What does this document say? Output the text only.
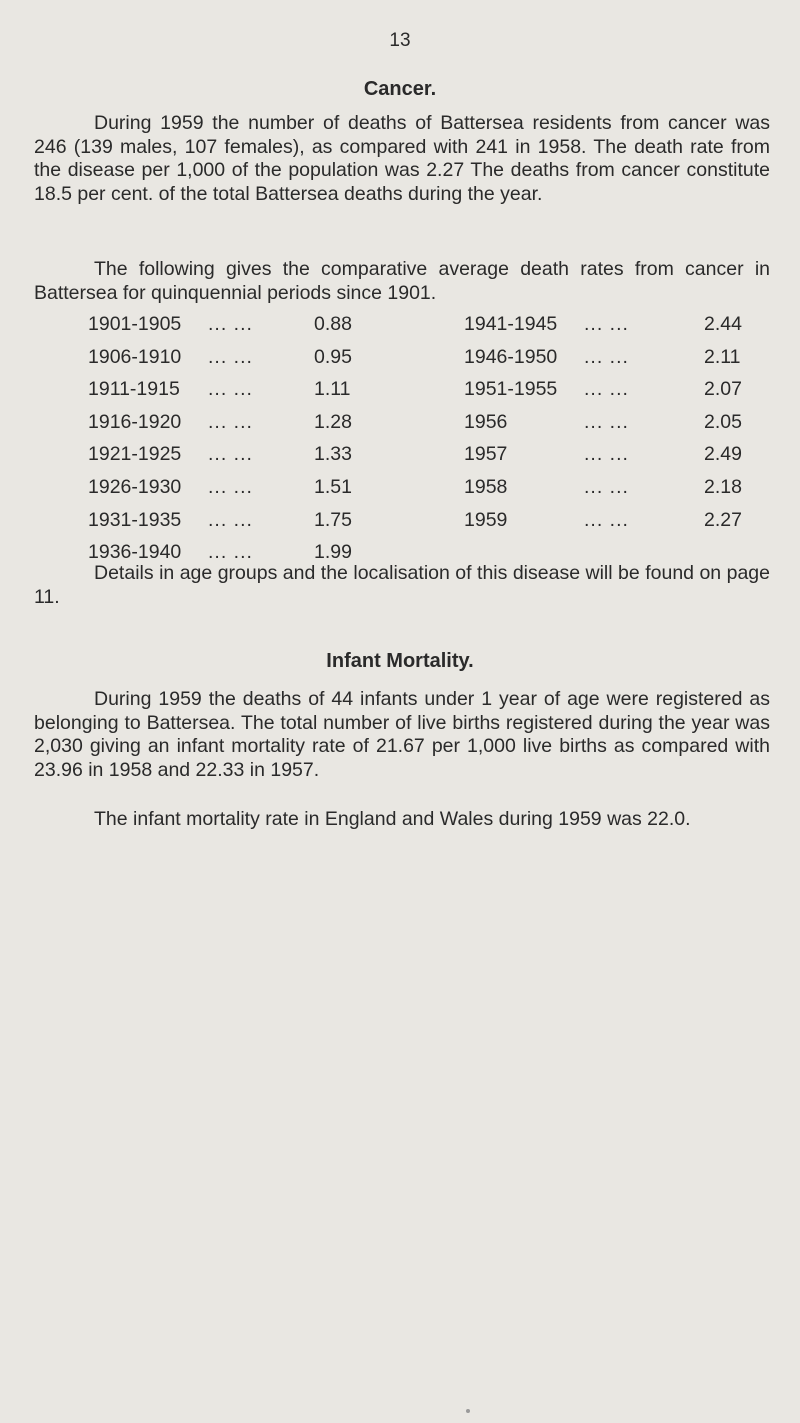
13
Cancer.

During 1959 the number of deaths of Battersea residents from cancer was 246 (139 males, 107 females), as compared with 241 in 1958. The death rate from the disease per 1,000 of the population was 2.27 The deaths from cancer constitute 18.5 per cent. of the total Battersea deaths during the year.

The following gives the comparative average death rates from cancer in Battersea for quinquennial periods since 1901.

1901-1905 ... ...	0.88
1906-1910 ... ...	0.95
1911-1915 ... ...	1.11
1916-1920 ... ...	1.28
1921-1925 ... ...	1.33
1926-1930 ... ...	1.51
1931-1935 ... ...	1.75
1936-1940 ... ...	1.99
1941-1945 ... ...	2.44
1946-1950 ... ...	2.11
1951-1955 ... ...	2.07
1956	... ...	2.05
1957	... ...	2.49
1958	... ...	2.18
1959	... ...	2.27

Details in age groups and the localisation of this disease will be found on page 11.

Infant Mortality.

During 1959 the deaths of 44 infants under 1 year of age were registered as belonging to Battersea. The total number of live births registered during the year was 2,030 giving an infant mortality rate of 21.67 per 1,000 live births as compared with 23.96 in 1958 and 22.33 in 1957.

The infant mortality rate in England and Wales during 1959 was 22.0.
